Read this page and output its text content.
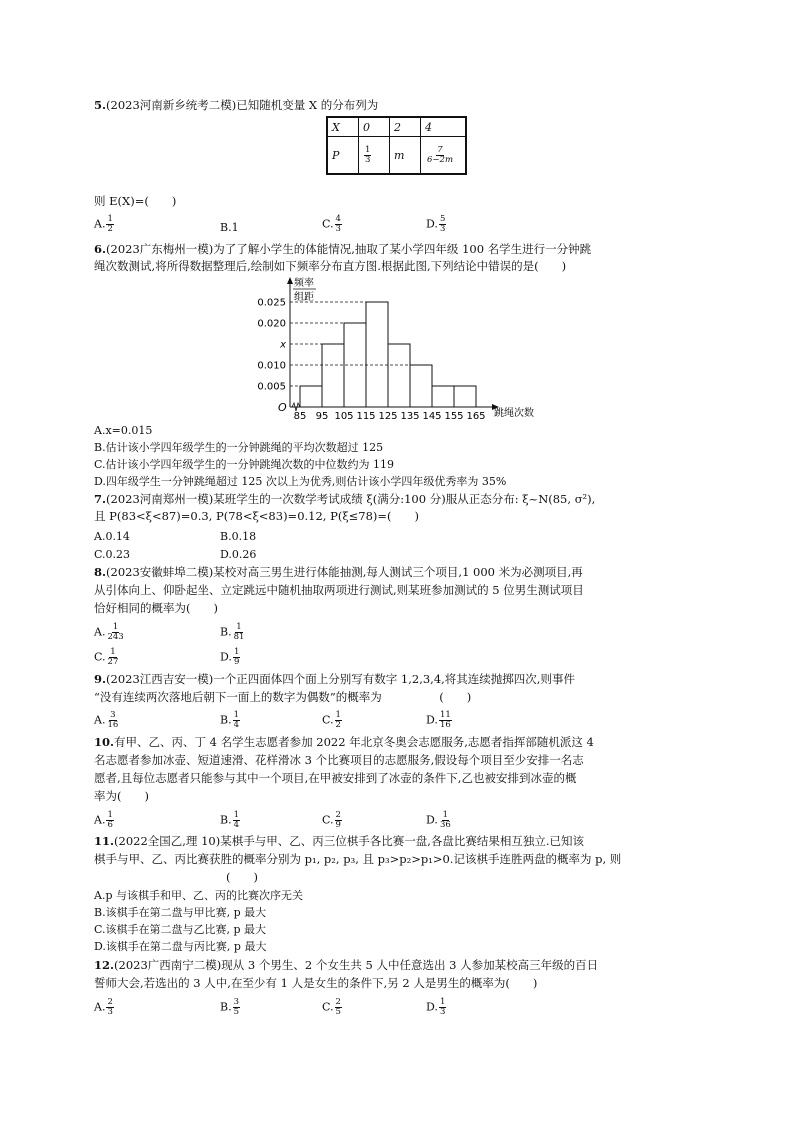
5.(2023河南新乡统考二模)已知随机变量 X 的分布列为
X	0	2	4
P	$\frac{1}{3}$	m	$\frac{7}{6-2m}$
则 E(X)=(　　)
A. $\frac{1}{2}$	B.1	C. $\frac{4}{3}$	D. $\frac{5}{3}$
6.(2023广东梅州一模)为了了解小学生的体能情况,抽取了某小学四年级 100 名学生进行一分钟跳
绳次数测试,将所得数据整理后,绘制如下频率分布直方图.根据此图,下列结论中错误的是(　　)
0.025
0.020
x
0.010
0.005
85 95 105 115 125 135 145 155 165
O
频率
组距
跳绳次数
A.x=0.015
B.估计该小学四年级学生的一分钟跳绳的平均次数超过 125
C.估计该小学四年级学生的一分钟跳绳次数的中位数约为 119
D.四年级学生一分钟跳绳超过 125 次以上为优秀,则估计该小学四年级优秀率为 35%
7.(2023河南郑州一模)某班学生的一次数学考试成绩 ξ(满分:100 分)服从正态分布: ξ~N(85, σ²),
且 P(83<ξ<87)=0.3, P(78<ξ<83)=0.12, P(ξ≤78)=(　　)
A.0.14	B.0.18
C.0.23	D.0.26
8.(2023安徽蚌埠二模)某校对高三男生进行体能抽测,每人测试三个项目,1 000 米为必测项目,再
从引体向上、仰卧起坐、立定跳远中随机抽取两项进行测试,则某班参加测试的 5 位男生测试项目
恰好相同的概率为(　　)
A. $\frac{1}{243}$	B. $\frac{1}{81}$
C. $\frac{1}{27}$	D. $\frac{1}{9}$
9.(2023江西吉安一模)一个正四面体四个面上分别写有数字 1,2,3,4,将其连续抛掷四次,则事件
“没有连续两次落地后朝下一面上的数字为偶数”的概率为　　　　　(　　)
A. $\frac{3}{16}$	B. $\frac{1}{4}$	C. $\frac{1}{2}$	D. $\frac{11}{16}$
10.有甲、乙、丙、丁 4 名学生志愿者参加 2022 年北京冬奥会志愿服务,志愿者指挥部随机派这 4
名志愿者参加冰壶、短道速滑、花样滑冰 3 个比赛项目的志愿服务,假设每个项目至少安排一名志
愿者,且每位志愿者只能参与其中一个项目,在甲被安排到了冰壶的条件下,乙也被安排到冰壶的概
率为(　　)
A. $\frac{1}{6}$	B. $\frac{1}{4}$	C. $\frac{2}{9}$	D. $\frac{1}{36}$
11.(2022全国乙,理 10)某棋手与甲、乙、丙三位棋手各比赛一盘,各盘比赛结果相互独立.已知该
棋手与甲、乙、丙比赛获胜的概率分别为 p₁, p₂, p₃, 且 p₃>p₂>p₁>0.记该棋手连胜两盘的概率为 p, 则
(　　)
A.p 与该棋手和甲、乙、丙的比赛次序无关
B.该棋手在第二盘与甲比赛, p 最大
C.该棋手在第二盘与乙比赛, p 最大
D.该棋手在第二盘与丙比赛, p 最大
12.(2023广西南宁二模)现从 3 个男生、2 个女生共 5 人中任意选出 3 人参加某校高三年级的百日
誓师大会,若选出的 3 人中,在至少有 1 人是女生的条件下,另 2 人是男生的概率为(　　)
A. $\frac{2}{3}$	B. $\frac{3}{5}$	C. $\frac{2}{5}$	D. $\frac{1}{3}$
